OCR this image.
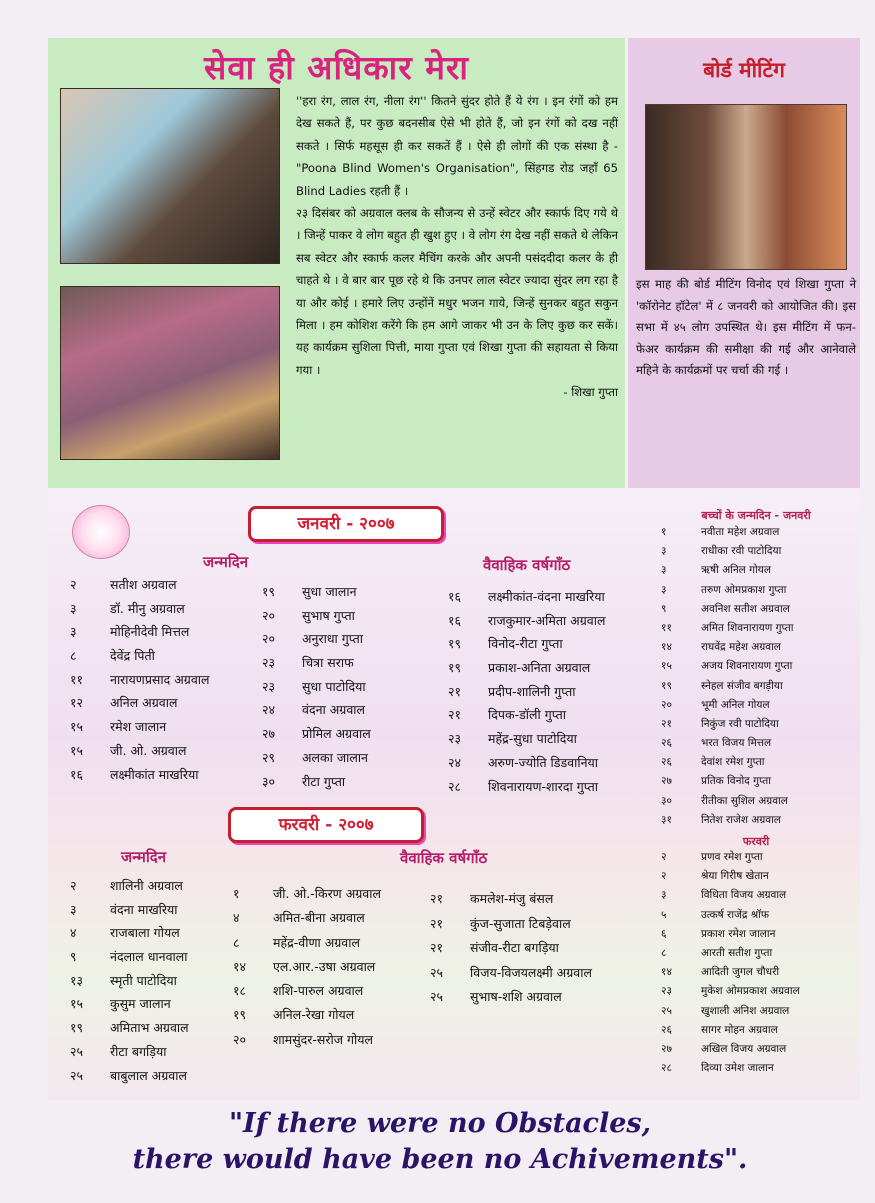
सेवा ही अधिकार मेरा

''हरा रंग, लाल रंग, नीला रंग'' कितने सुंदर होते हैं ये रंग । इन रंगों को हम देख सकते हैं, पर कुछ बदनसीब ऐसे भी होते हैं, जो इन रंगों को दख नहीं सकते । सिर्फ महसूस ही कर सकतें हैं । ऐसे ही लोगों की एक संस्था है - "Poona Blind Women's Organisation", सिंहगड रोड जहाँ 65 Blind Ladies रहती हैं ।

२३ दिसंबर को अग्रवाल क्लब के सौजन्य से उन्हें स्वेटर और स्कार्फ दिए गये थे । जिन्हें पाकर वे लोग बहुत ही खुश हुए । वे लोग रंग देख नहीं सकते थे लेकिन सब स्वेटर और स्कार्फ कलर मैचिंग करके और अपनी पसंददीदा कलर के ही चाहते थे । वे बार बार पूछ रहे थे कि उनपर लाल स्वेटर ज्यादा सुंदर लग रहा है या और कोई । हमारे लिए उन्होंनें मधुर भजन गाये, जिन्हें सुनकर बहुत सकुन मिला । हम कोशिश करेंगे कि हम आगे जाकर भी उन के लिए कुछ कर सकें। यह कार्यक्रम सुशिला पित्ती, माया गुप्ता एवं शिखा गुप्ता की सहायता से किया गया ।
- शिखा गुप्ता

बोर्ड मीटिंग
इस माह की बोर्ड मीटिंग विनोद एवं शिखा गुप्ता ने 'कॉरोनेट हॉटेल' में ८ जनवरी को आयोजित की। इस सभा में ४५ लोग उपस्थित थे। इस मीटिंग में फन-फेअर कार्यक्रम की समीक्षा की गई और आनेवाले महिने के कार्यक्रमों पर चर्चा की गई ।
जनवरी - २००७
जन्मदिन	वैवाहिक वर्षगाँठ
२	सतीश अग्रवाल
३	डॉ. मीनु अग्रवाल
३	मोहिनीदेवी मित्तल
८	देवेंद्र पिती
११	नारायणप्रसाद अग्रवाल
१२	अनिल अग्रवाल
१५	रमेश जालान
१५	जी. ओ. अग्रवाल
१६	लक्ष्मीकांत माखरिया
१९	सुधा जालान
२०	सुभाष गुप्ता
२०	अनुराधा गुप्ता
२३	चित्रा सराफ
२३	सुधा पाटोदिया
२४	वंदना अग्रवाल
२७	प्रोमिल अग्रवाल
२९	अलका जालान
३०	रीटा गुप्ता
१६	लक्ष्मीकांत-वंदना माखरिया
१६	राजकुमार-अमिता अग्रवाल
१९	विनोद-रीटा गुप्ता
१९	प्रकाश-अनिता अग्रवाल
२१	प्रदीप-शालिनी गुप्ता
२१	दिपक-डॉली गुप्ता
२३	महेंद्र-सुधा पाटोदिया
२४	अरुण-ज्योति डिडवानिया
२८	शिवनारायण-शारदा गुप्ता
फरवरी - २००७
जन्मदिन	वैवाहिक वर्षगाँठ
२	शालिनी अग्रवाल
३	वंदना माखरिया
४	राजबाला गोयल
९	नंदलाल धानवाला
१३	स्मृती पाटोदिया
१५	कुसुम जालान
१९	अमिताभ अग्रवाल
२५	रीटा बगड़िया
२५	बाबुलाल अग्रवाल
१	जी. ओ.-किरण अग्रवाल
४	अमित-बीना अग्रवाल
८	महेंद्र-वीणा अग्रवाल
१४	एल.आर.-उषा अग्रवाल
१८	शशि-पारुल अग्रवाल
१९	अनिल-रेखा गोयल
२०	शामसुंदर-सरोज गोयल
२१	कमलेश-मंजु बंसल
२१	कुंज-सुजाता टिबड़ेवाल
२१	संजीव-रीटा बगड़िया
२५	विजय-विजयलक्ष्मी अग्रवाल
२५	सुभाष-शशि अग्रवाल
बच्चों के जन्मदिन - जनवरी
१	नवीता महेश अग्रवाल
३	राधीका रवी पाटोदिया
३	ऋषी अनिल गोयल
३	तरुण ओमप्रकाश गुप्ता
९	अवनिश सतीश अग्रवाल
११	अमित शिवनारायण गुप्ता
१४	राघवेंद्र महेश अग्रवाल
१५	अजय शिवनारायण गुप्ता
१९	स्नेहल संजीव बगड़ीया
२०	भूमी अनिल गोयल
२१	निकुंज रवी पाटोदिया
२६	भरत विजय मित्तल
२६	देवांश रमेश गुप्ता
२७	प्रतिक विनोद गुप्ता
३०	रीतीका सुशिल अग्रवाल
३१	नितेश राजेश अग्रवाल
फरवरी
२	प्रणव रमेश गुप्ता
२	श्रेया गिरीष खेतान
३	विधिता विजय अग्रवाल
५	उत्कर्ष राजेंद्र श्रॉफ
६	प्रकाश रमेश जालान
८	आरती सतीश गुप्ता
१४	आदिती जुगल चौधरी
२३	मुकेश ओमप्रकाश अग्रवाल
२५	खुशाली अनिश अग्रवाल
२६	सागर मोहन अग्रवाल
२७	अखिल विजय अग्रवाल
२८	दिव्या उमेश जालान
"If there were no Obstacles,
there would have been no Achivements".
